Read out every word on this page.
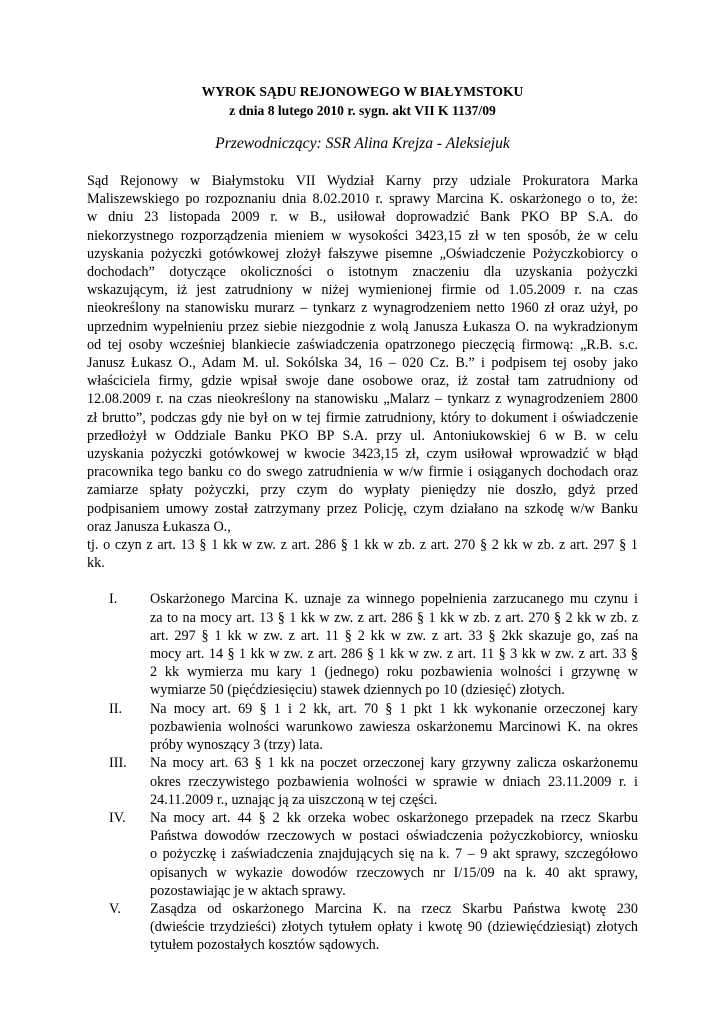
WYROK SĄDU REJONOWEGO W BIAŁYMSTOKU
z dnia 8 lutego 2010 r. sygn. akt VII K 1137/09
Przewodniczący: SSR Alina Krejza - Aleksiejuk
Sąd Rejonowy w Białymstoku VII Wydział Karny przy udziale Prokuratora Marka
Maliszewskiego po rozpoznaniu dnia 8.02.2010 r. sprawy Marcina K. oskarżonego o to, że:
w dniu 23 listopada 2009 r. w B., usiłował doprowadzić Bank PKO BP S.A. do
niekorzystnego rozporządzenia mieniem w wysokości 3423,15 zł w ten sposób, że w celu
uzyskania pożyczki gotówkowej złożył fałszywe pisemne „Oświadczenie Pożyczkobiorcy o
dochodach” dotyczące okoliczności o istotnym znaczeniu dla uzyskania pożyczki
wskazującym, iż jest zatrudniony w niżej wymienionej firmie od 1.05.2009 r. na czas
nieokreślony na stanowisku murarz – tynkarz z wynagrodzeniem netto 1960 zł oraz użył, po
uprzednim wypełnieniu przez siebie niezgodnie z wolą Janusza Łukasza O. na wykradzionym
od tej osoby wcześniej blankiecie zaświadczenia opatrzonego pieczęcią firmową: „R.B. s.c.
Janusz Łukasz O., Adam M. ul. Sokólska 34, 16 – 020 Cz. B.” i podpisem tej osoby jako
właściciela firmy, gdzie wpisał swoje dane osobowe oraz, iż został tam zatrudniony od
12.08.2009 r. na czas nieokreślony na stanowisku „Malarz – tynkarz z wynagrodzeniem 2800
zł brutto”, podczas gdy nie był on w tej firmie zatrudniony, który to dokument i oświadczenie
przedłożył w Oddziale Banku PKO BP S.A. przy ul. Antoniukowskiej 6 w B. w celu
uzyskania pożyczki gotówkowej w kwocie 3423,15 zł, czym usiłował wprowadzić w błąd
pracownika tego banku co do swego zatrudnienia w w/w firmie i osiąganych dochodach oraz
zamiarze spłaty pożyczki, przy czym do wypłaty pieniędzy nie doszło, gdyż przed
podpisaniem umowy został zatrzymany przez Policję, czym działano na szkodę w/w Banku
oraz Janusza Łukasza O.,
tj. o czyn z art. 13 § 1 kk w zw. z art. 286 § 1 kk w zb. z art. 270 § 2 kk w zb. z art. 297 § 1
kk.
I. Oskarżonego Marcina K. uznaje za winnego popełnienia zarzucanego mu czynu i
za to na mocy art. 13 § 1 kk w zw. z art. 286 § 1 kk w zb. z art. 270 § 2 kk w zb. z
art. 297 § 1 kk w zw. z art. 11 § 2 kk w zw. z art. 33 § 2kk skazuje go, zaś na
mocy art. 14 § 1 kk w zw. z art. 286 § 1 kk w zw. z art. 11 § 3 kk w zw. z art. 33 §
2 kk wymierza mu kary 1 (jednego) roku pozbawienia wolności i grzywnę w
wymiarze 50 (pięćdziesięciu) stawek dziennych po 10 (dziesięć) złotych.
II. Na mocy art. 69 § 1 i 2 kk, art. 70 § 1 pkt 1 kk wykonanie orzeczonej kary
pozbawienia wolności warunkowo zawiesza oskarżonemu Marcinowi K. na okres
próby wynoszący 3 (trzy) lata.
III. Na mocy art. 63 § 1 kk na poczet orzeczonej kary grzywny zalicza oskarżonemu
okres rzeczywistego pozbawienia wolności w sprawie w dniach 23.11.2009 r. i
24.11.2009 r., uznając ją za uiszczoną w tej części.
IV. Na mocy art. 44 § 2 kk orzeka wobec oskarżonego przepadek na rzecz Skarbu
Państwa dowodów rzeczowych w postaci oświadczenia pożyczkobiorcy, wniosku
o pożyczkę i zaświadczenia znajdujących się na k. 7 – 9 akt sprawy, szczegółowo
opisanych w wykazie dowodów rzeczowych nr I/15/09 na k. 40 akt sprawy,
pozostawiając je w aktach sprawy.
V. Zasądza od oskarżonego Marcina K. na rzecz Skarbu Państwa kwotę 230
(dwieście trzydzieści) złotych tytułem opłaty i kwotę 90 (dziewięćdziesiąt) złotych
tytułem pozostałych kosztów sądowych.
